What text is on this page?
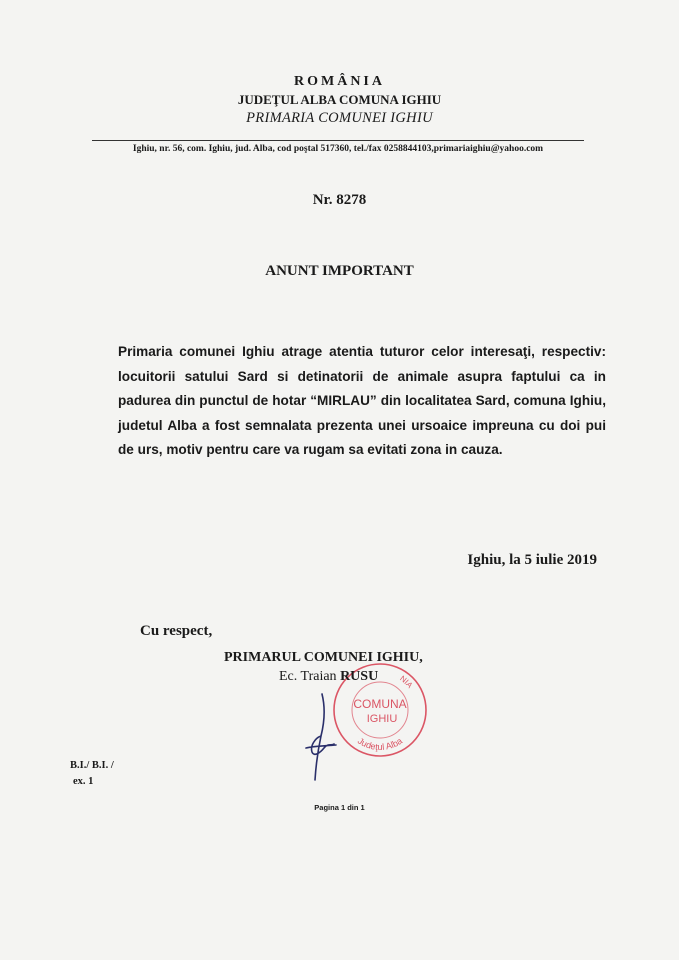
ROMÂNIA
JUDEŢUL ALBA COMUNA IGHIU
PRIMARIA COMUNEI IGHIU
Ighiu, nr. 56, com. Ighiu, jud. Alba, cod poştal 517360, tel./fax 0258844103,primariaighiu@yahoo.com
Nr. 8278
ANUNT IMPORTANT
Primaria comunei Ighiu atrage atentia tuturor celor interesaţi, respectiv: locuitorii satului Sard si detinatorii de animale asupra faptului ca in padurea din punctul de hotar “MIRLAU” din localitatea Sard, comuna Ighiu, judetul Alba a fost semnalata prezenta unei ursoaice impreuna cu doi pui de urs, motiv pentru care va rugam sa evitati zona in cauza.
Ighiu, la 5 iulie 2019
Cu respect,
PRIMARUL COMUNEI IGHIU,
NIA
COMUNA
IGHIU
Judeţul Alba
Ec. Traian RUSU
B.I./ B.I. /
ex. 1
Pagina 1 din 1
